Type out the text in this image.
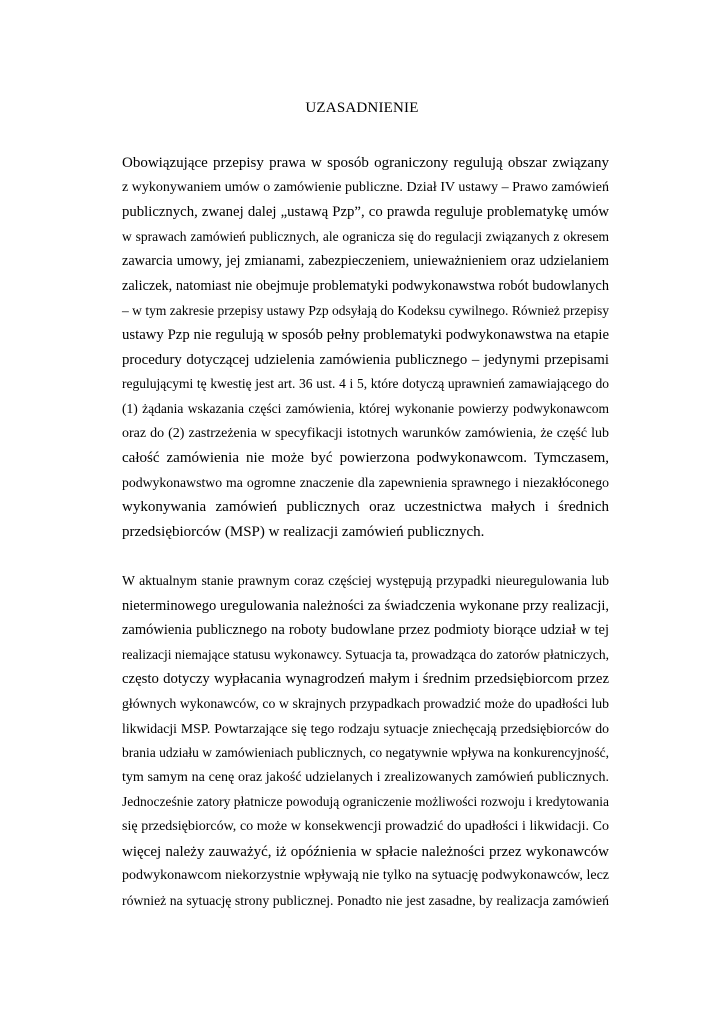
UZASADNIENIE
Obowiązujące przepisy prawa w sposób ograniczony regulują obszar związany
z wykonywaniem umów o zamówienie publiczne. Dział IV ustawy – Prawo zamówień
publicznych, zwanej dalej „ustawą Pzp”, co prawda reguluje problematykę umów
w sprawach zamówień publicznych, ale ogranicza się do regulacji związanych z okresem
zawarcia umowy, jej zmianami, zabezpieczeniem, unieważnieniem oraz udzielaniem
zaliczek, natomiast nie obejmuje problematyki podwykonawstwa robót budowlanych
– w tym zakresie przepisy ustawy Pzp odsyłają do Kodeksu cywilnego. Również przepisy
ustawy Pzp nie regulują w sposób pełny problematyki podwykonawstwa na etapie
procedury dotyczącej udzielenia zamówienia publicznego – jedynymi przepisami
regulującymi tę kwestię jest art. 36 ust. 4 i 5, które dotyczą uprawnień zamawiającego do
(1) żądania wskazania części zamówienia, której wykonanie powierzy podwykonawcom
oraz do (2) zastrzeżenia w specyfikacji istotnych warunków zamówienia, że część lub
całość zamówienia nie może być powierzona podwykonawcom. Tymczasem,
podwykonawstwo ma ogromne znaczenie dla zapewnienia sprawnego i niezakłóconego
wykonywania zamówień publicznych oraz uczestnictwa małych i średnich
przedsiębiorców (MSP) w realizacji zamówień publicznych.
W aktualnym stanie prawnym coraz częściej występują przypadki nieuregulowania lub
nieterminowego uregulowania należności za świadczenia wykonane przy realizacji,
zamówienia publicznego na roboty budowlane przez podmioty biorące udział w tej
realizacji niemające statusu wykonawcy. Sytuacja ta, prowadząca do zatorów płatniczych,
często dotyczy wypłacania wynagrodzeń małym i średnim przedsiębiorcom przez
głównych wykonawców, co w skrajnych przypadkach prowadzić może do upadłości lub
likwidacji MSP. Powtarzające się tego rodzaju sytuacje zniechęcają przedsiębiorców do
brania udziału w zamówieniach publicznych, co negatywnie wpływa na konkurencyjność,
tym samym na cenę oraz jakość udzielanych i zrealizowanych zamówień publicznych.
Jednocześnie zatory płatnicze powodują ograniczenie możliwości rozwoju i kredytowania
się przedsiębiorców, co może w konsekwencji prowadzić do upadłości i likwidacji. Co
więcej należy zauważyć, iż opóźnienia w spłacie należności przez wykonawców
podwykonawcom niekorzystnie wpływają nie tylko na sytuację podwykonawców, lecz
również na sytuację strony publicznej. Ponadto nie jest zasadne, by realizacja zamówień
